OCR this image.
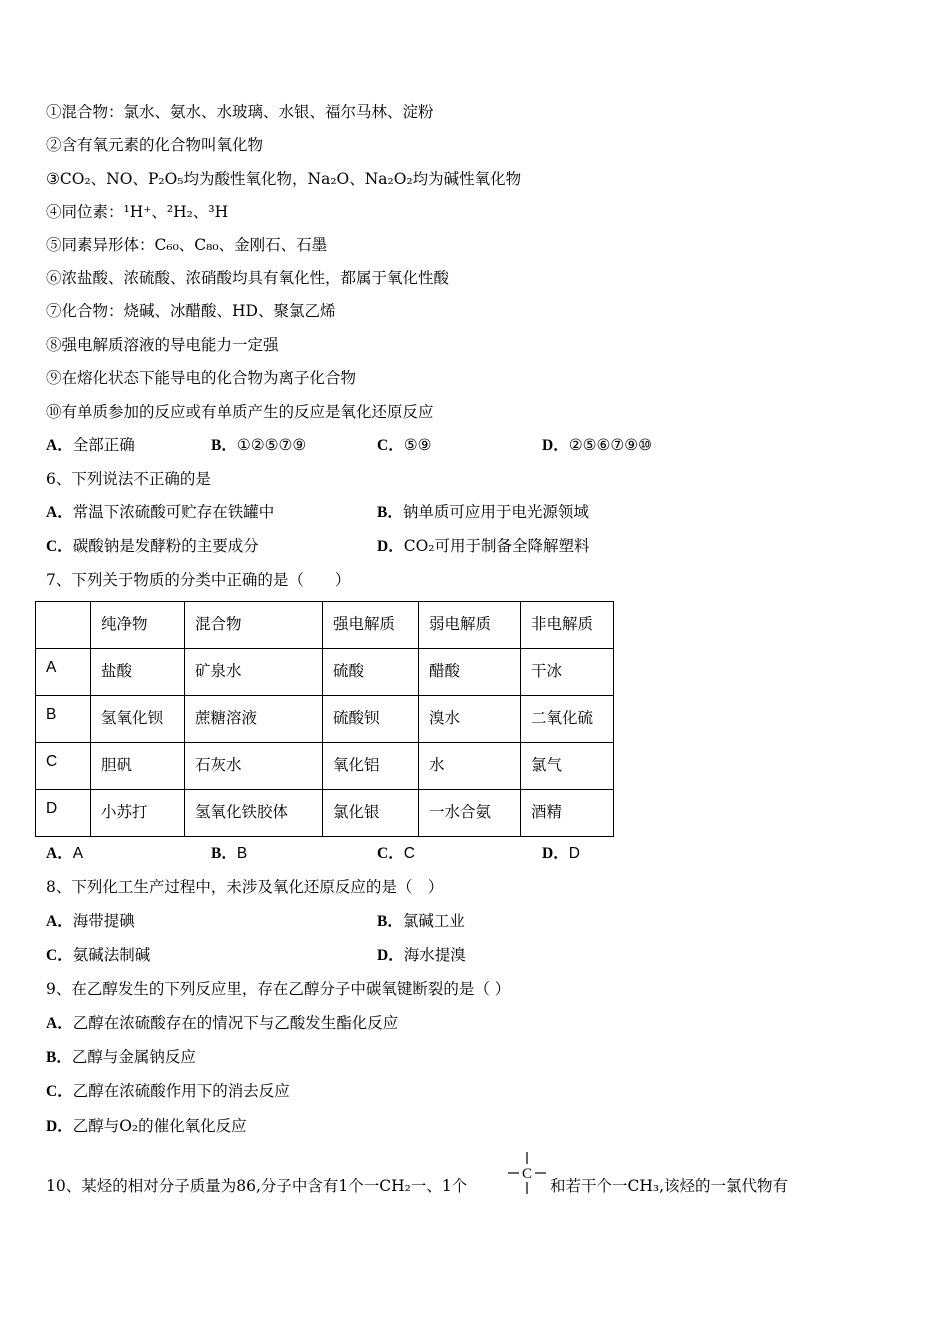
①混合物：氯水、氨水、水玻璃、水银、福尔马林、淀粉
②含有氧元素的化合物叫氧化物
③CO₂、NO、P₂O₅均为酸性氧化物，Na₂O、Na₂O₂均为碱性氧化物
④同位素：¹H⁺、²H₂、³H
⑤同素异形体：C₆₀、C₈₀、金刚石、石墨
⑥浓盐酸、浓硫酸、浓硝酸均具有氧化性，都属于氧化性酸
⑦化合物：烧碱、冰醋酸、HD、聚氯乙烯
⑧强电解质溶液的导电能力一定强
⑨在熔化状态下能导电的化合物为离子化合物
⑩有单质参加的反应或有单质产生的反应是氧化还原反应
A．全部正确	B．①②⑤⑦⑨	C．⑤⑨	D．②⑤⑥⑦⑨⑩
6、下列说法不正确的是
A．常温下浓硫酸可贮存在铁罐中	B．钠单质可应用于电光源领域
C．碳酸钠是发酵粉的主要成分	D．CO₂可用于制备全降解塑料
7、下列关于物质的分类中正确的是（　　）
	纯净物	混合物	强电解质	弱电解质	非电解质
A	盐酸	矿泉水	硫酸	醋酸	干冰
B	氢氧化钡	蔗糖溶液	硫酸钡	溴水	二氧化硫
C	胆矾	石灰水	氧化铝	水	氯气
D	小苏打	氢氧化铁胶体	氯化银	一水合氨	酒精
A．A	B．B	C．C	D．D
8、下列化工生产过程中，未涉及氧化还原反应的是（　）
A．海带提碘	B．氯碱工业
C．氨碱法制碱	D．海水提溴
9、在乙醇发生的下列反应里，存在乙醇分子中碳氧键断裂的是（ ）
A．乙醇在浓硫酸存在的情况下与乙酸发生酯化反应
B．乙醇与金属钠反应
C．乙醇在浓硫酸作用下的消去反应
D．乙醇与O₂的催化氧化反应
10、某烃的相对分子质量为86,分子中含有1个一CH₂一、1个
C
和若干个一CH₃,该烃的一氯代物有
